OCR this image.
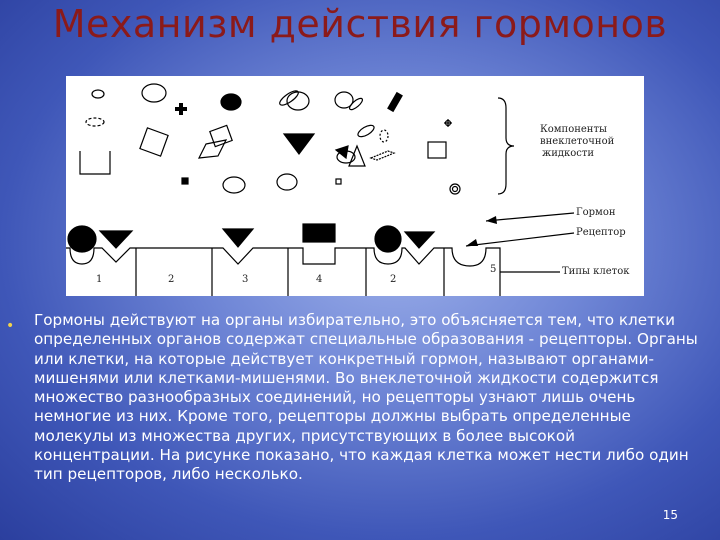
Механизм действия гормонов
Компоненты
внеклеточной
жидкости
Гормон
Рецептор
Типы клеток
1	2	3	4	2
5
• Гормоны действуют на органы избирательно, это объясняется тем, что клетки определенных органов содержат специальные образования - рецепторы. Органы или клетки, на которые действует конкретный гормон, называют органами-мишенями или клетками-мишенями. Во внеклеточной жидкости содержится множество разнообразных соединений, но рецепторы узнают лишь очень немногие из них. Кроме того, рецепторы должны выбрать определенные молекулы из множества других, присутствующих в более высокой концентрации. На рисунке показано, что каждая клетка может нести либо один тип рецепторов, либо несколько.
15
